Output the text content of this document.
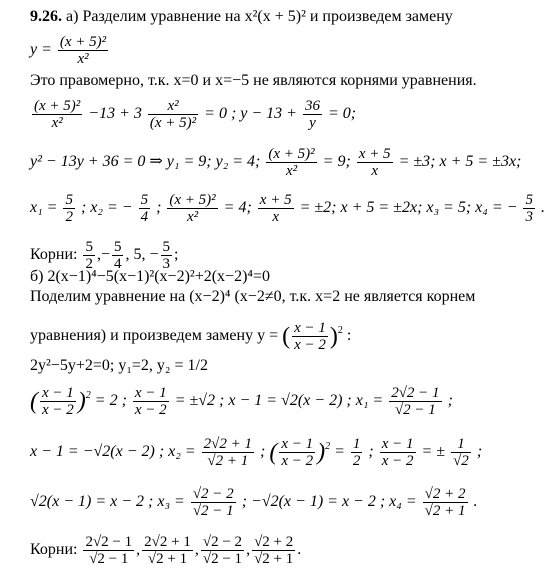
9.26. а) Разделим уравнение на x²(x + 5)² и произведем замену
$y = \frac{\text{(x + 5)²}}{\text{x²}}$
Это правомерно, т.к. x=0 и x=−5 не являются корнями уравнения.
$\frac{\text{(x + 5)²}}{\text{x²}} -13 + 3 \frac{\text{x²}}{\text{(x + 5)²}} = 0$ ; $y - 13 + \frac{36}{y} = 0$;
y² − 13y + 36 = 0 ⇒ y₁ = 9; y₂ = 4; $\frac{\text{(x + 5)²}}{\text{x²}} = 9$; $\frac{x + 5}{x} = \pm 3$; x + 5 = ±3x;
$x_1 = \frac{5}{2}$ ; x₂ = − $\frac{5}{4}$ ; $\frac{\text{(x + 5)²}}{\text{x²}} = 4$; $\frac{x + 5}{x} = \pm 2$; x + 5 = ±2x; x₃ = 5; x₄ = − $\frac{5}{3}$ .
Корни: $\frac{5}{2}$ ,− $\frac{5}{4}$ , 5, − $\frac{5}{3}$ ;
б) 2(x−1)⁴−5(x−1)²(x−2)²+2(x−2)⁴=0
Поделим уравнение на (x−2)⁴ (x−2≠0, т.к. x=2 не является корнем
уравнения) и произведем замену y = ( $\frac{x - 1}{x - 2} )^2$ :
2y²−5y+2=0; y₁=2, y₂ = 1/2
( $\frac{x - 1}{x - 2} )^2 = 2$ ; $\frac{x - 1}{x - 2} = \pm√2$ ; x − 1 = √2(x − 2) ; $x_1 = \frac{2√2 - 1}{√2 - 1}$ ;
x − 1 = −√2(x − 2) ; $x_2 = \frac{2√2 + 1}{√2 + 1}$ ; ( $\frac{x - 1}{x - 2} )^2 = \frac{1}{2}$ ; $\frac{x - 1}{x - 2}$ = ± $\frac{1}{√2}$ ;
√2(x − 1) = x − 2 ; $x_3 = \frac{√2 - 2}{√2 - 1}$ ; −√2(x − 1) = x − 2 ; $x_4 = \frac{√2 + 2}{√2 + 1}$ .
Корни: $\frac{2√2 - 1}{√2 - 1}$ , $\frac{2√2 + 1}{√2 + 1}$ , $\frac{√2 - 2}{√2 - 1}$ , $\frac{√2 + 2}{√2 + 1}$ .
